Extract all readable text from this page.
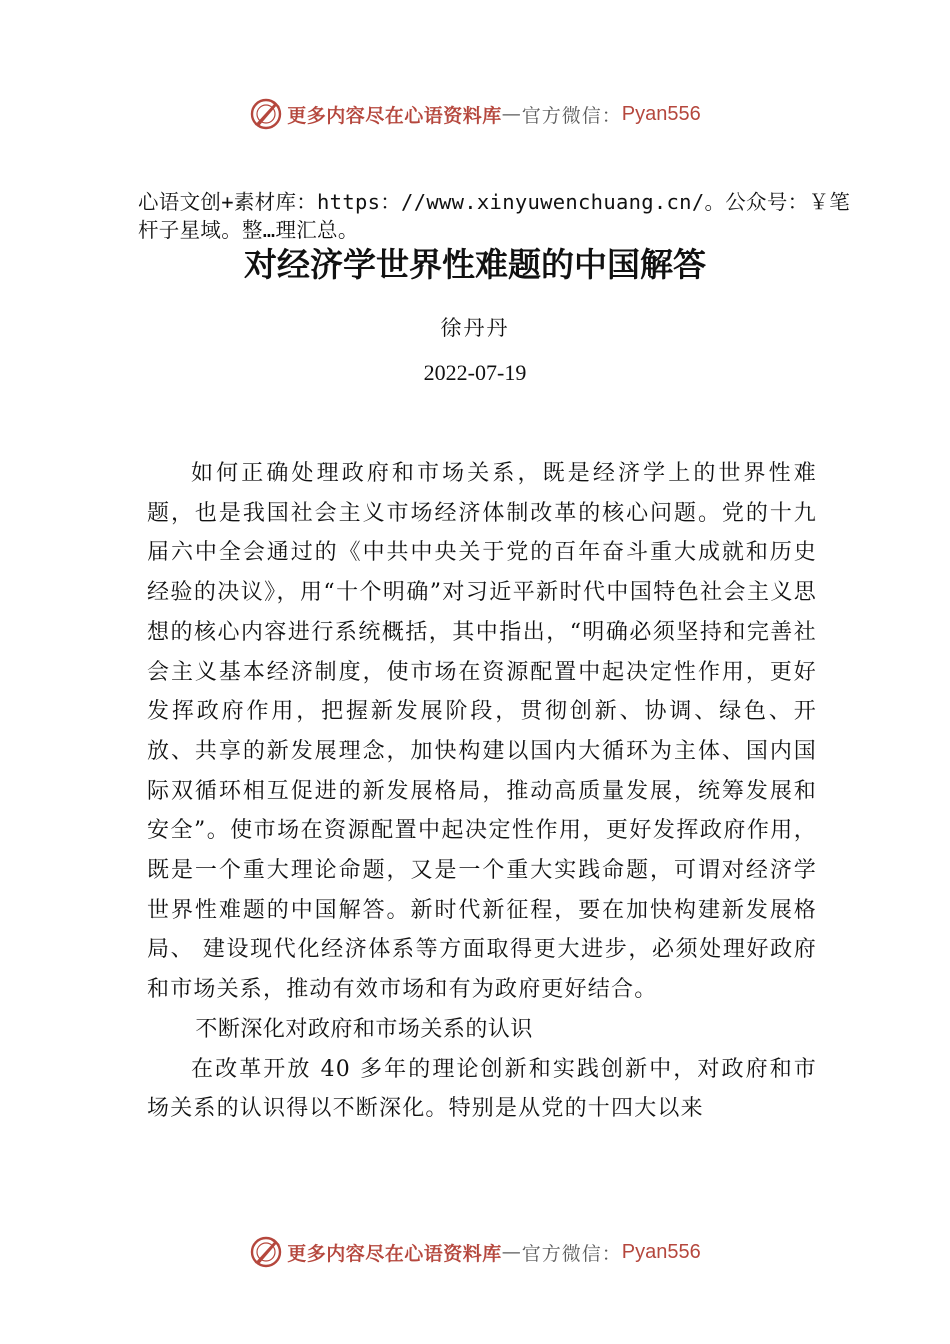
更多内容尽在心语资料库 — 官方微信： Pyan556
心语文创+素材库：https：//www.xinyuwenchuang.cn/。公众号：￥笔杆子星域。整…理汇总。
对经济学世界性难题的中国解答
徐丹丹
2022-07-19

如何正确处理政府和市场关系，既是经济学上的世界性难题，也是我国社会主义市场经济体制改革的核心问题。党的十九届六中全会通过的《中共中央关于党的百年奋斗重大成就和历史经验的决议》，用“十个明确”对习近平新时代中国特色社会主义思想的核心内容进行系统概括，其中指出，“明确必须坚持和完善社会主义基本经济制度，使市场在资源配置中起决定性作用，更好发挥政府作用，把握新发展阶段，贯彻创新、协调、绿色、开放、共享的新发展理念，加快构建以国内大循环为主体、国内国际双循环相互促进的新发展格局，推动高质量发展，统筹发展和安全”。使市场在资源配置中起决定性作用，更好发挥政府作用，既是一个重大理论命题，又是一个重大实践命题，可谓对经济学世界性难题的中国解答。新时代新征程，要在加快构建新发展格局、 建设现代化经济体系等方面取得更大进步，必须处理好政府和市场关系，推动有效市场和有为政府更好结合。

不断深化对政府和市场关系的认识

在改革开放 40 多年的理论创新和实践创新中，对政府和市场关系的认识得以不断深化。特别是从党的十四大以来

更多内容尽在心语资料库 — 官方微信： Pyan556
